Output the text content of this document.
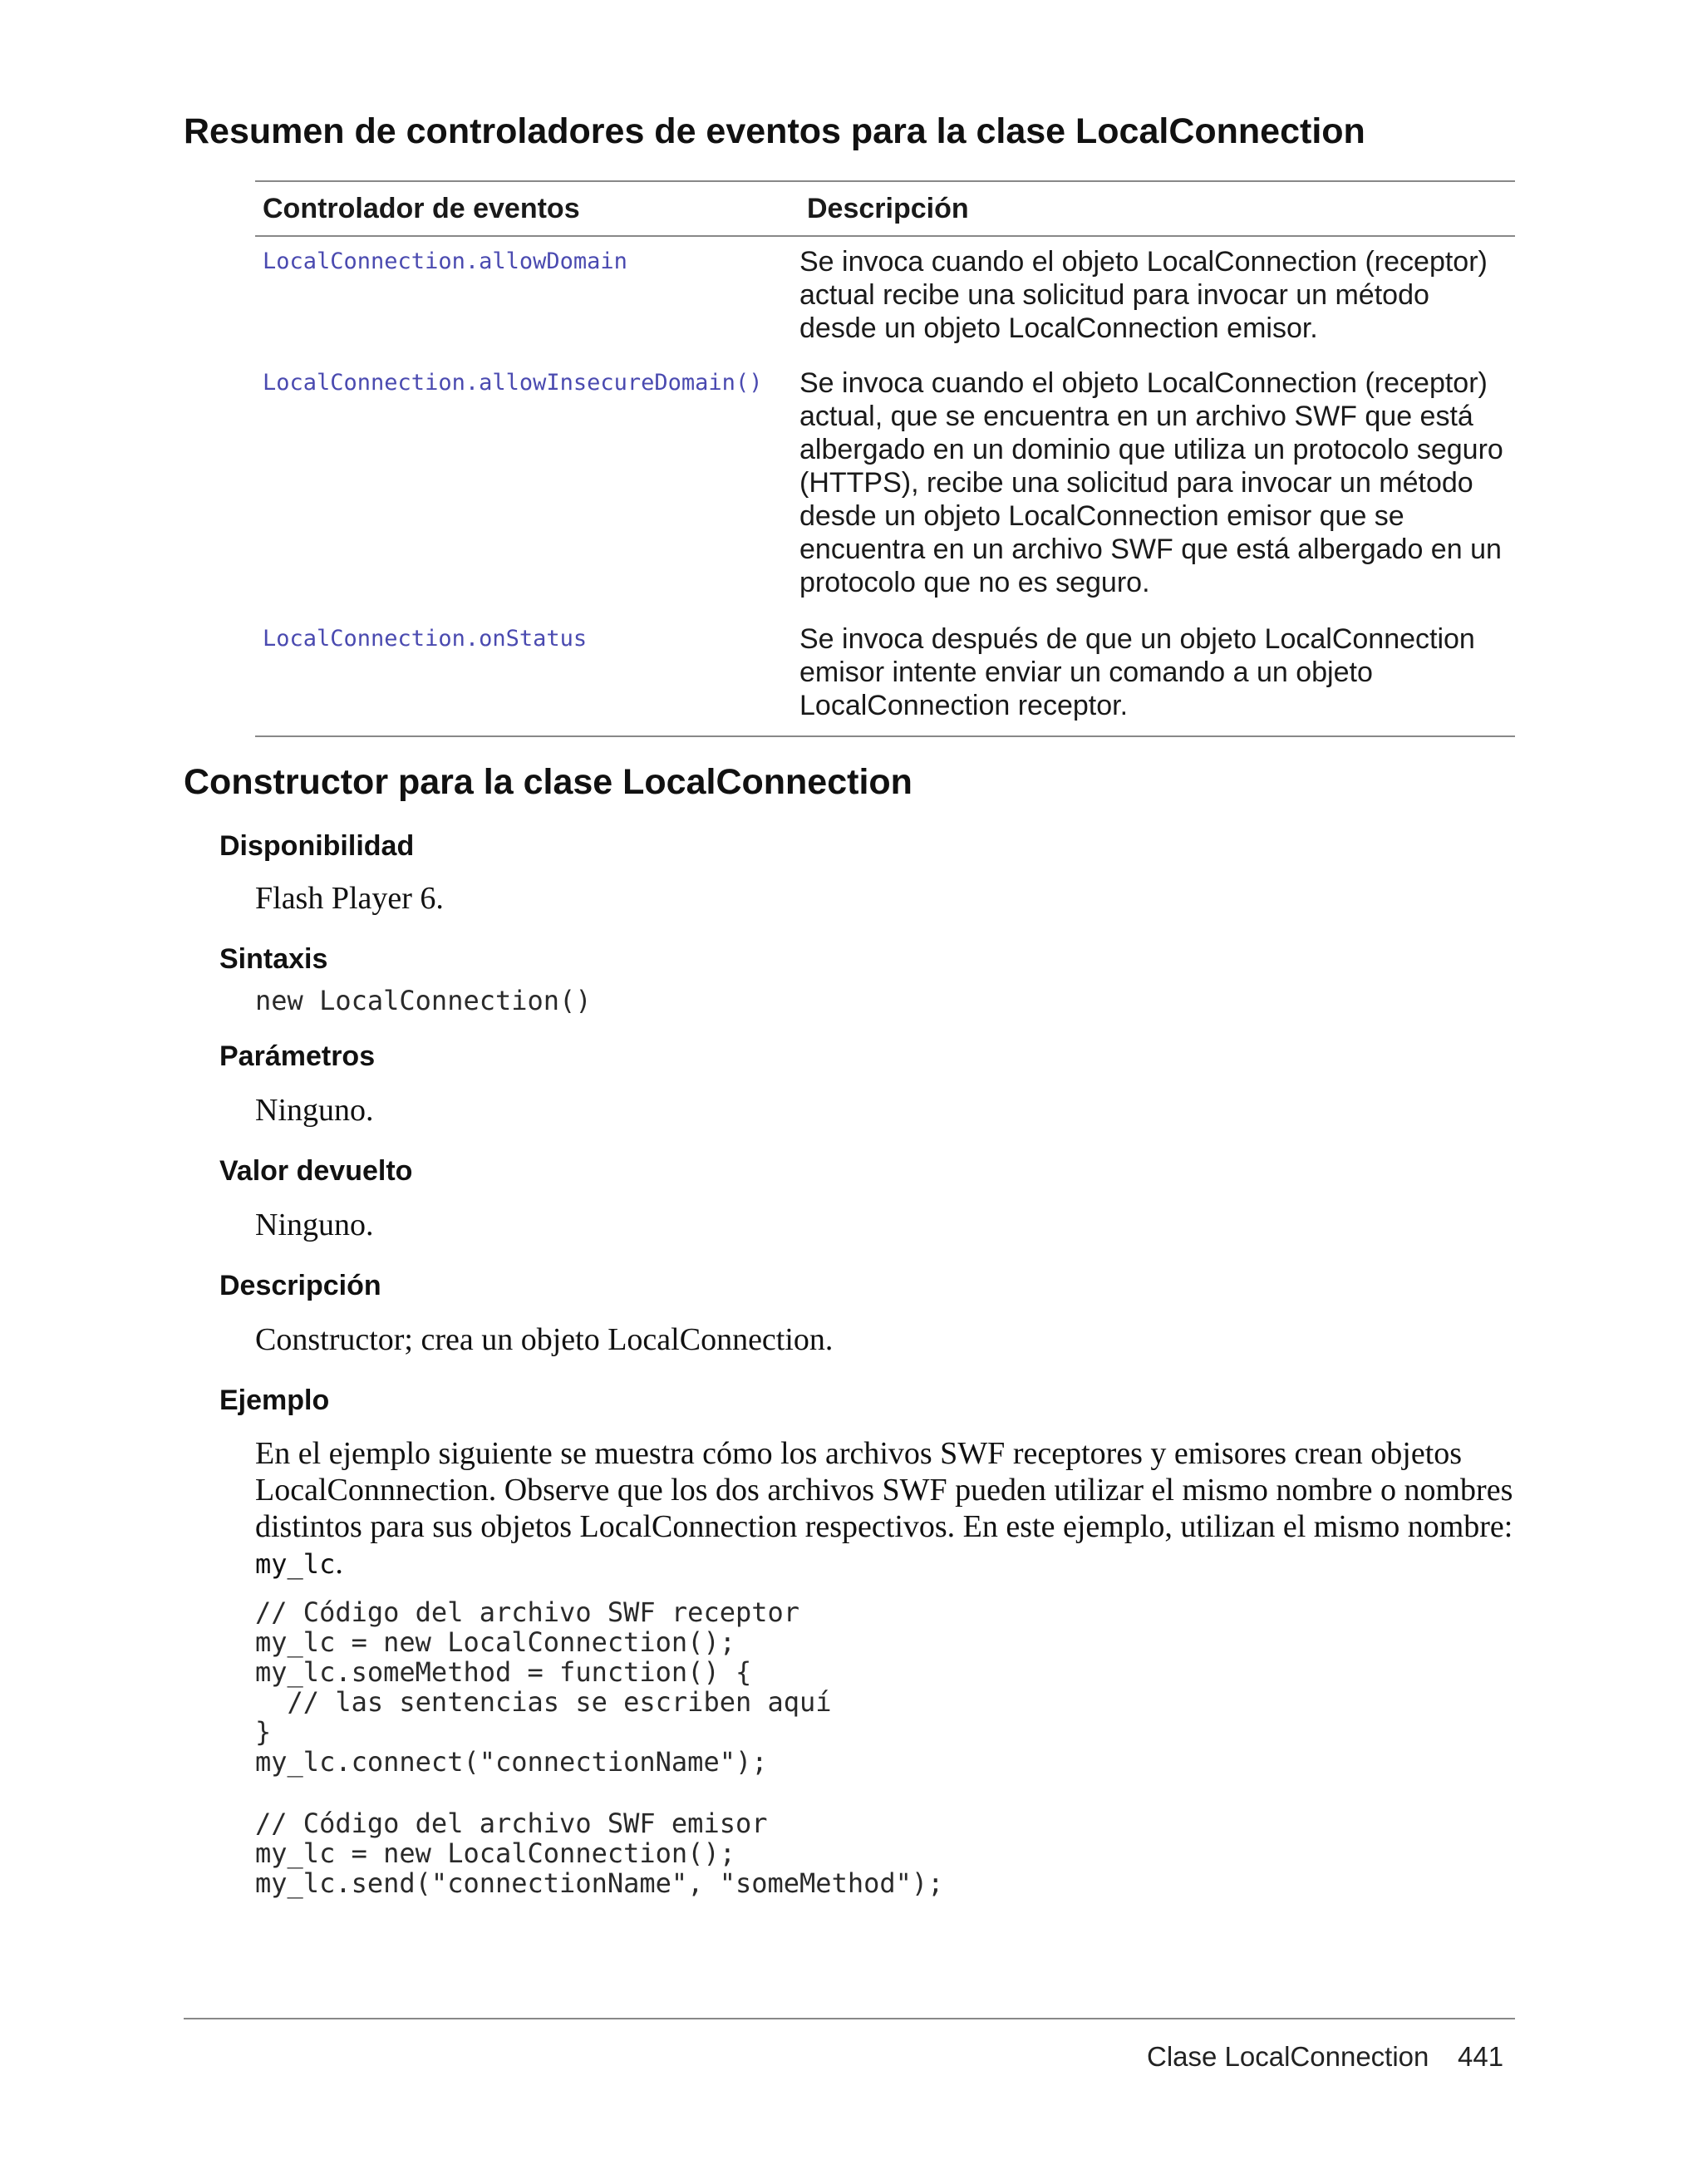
Resumen de controladores de eventos para la clase LocalConnection
Controlador de eventos	Descripción
LocalConnection.allowDomain	Se invoca cuando el objeto LocalConnection (receptor) actual recibe una solicitud para invocar un método desde un objeto LocalConnection emisor.
LocalConnection.allowInsecureDomain()	Se invoca cuando el objeto LocalConnection (receptor) actual, que se encuentra en un archivo SWF que está albergado en un dominio que utiliza un protocolo seguro (HTTPS), recibe una solicitud para invocar un método desde un objeto LocalConnection emisor que se encuentra en un archivo SWF que está albergado en un protocolo que no es seguro.
LocalConnection.onStatus	Se invoca después de que un objeto LocalConnection emisor intente enviar un comando a un objeto LocalConnection receptor.
Constructor para la clase LocalConnection
Disponibilidad
Flash Player 6.
Sintaxis
new LocalConnection()
Parámetros
Ninguno.
Valor devuelto
Ninguno.
Descripción
Constructor; crea un objeto LocalConnection.
Ejemplo

En el ejemplo siguiente se muestra cómo los archivos SWF receptores y emisores crean objetos LocalConnnection. Observe que los dos archivos SWF pueden utilizar el mismo nombre o nombres distintos para sus objetos LocalConnection respectivos. En este ejemplo, utilizan el mismo nombre: my_lc.

// Código del archivo SWF receptor
my_lc = new LocalConnection();
my_lc.someMethod = function() {
// las sentencias se escriben aquí
}
my_lc.connect("connectionName");
// Código del archivo SWF emisor
my_lc = new LocalConnection();
my_lc.send("connectionName", "someMethod");
Clase LocalConnection 441
